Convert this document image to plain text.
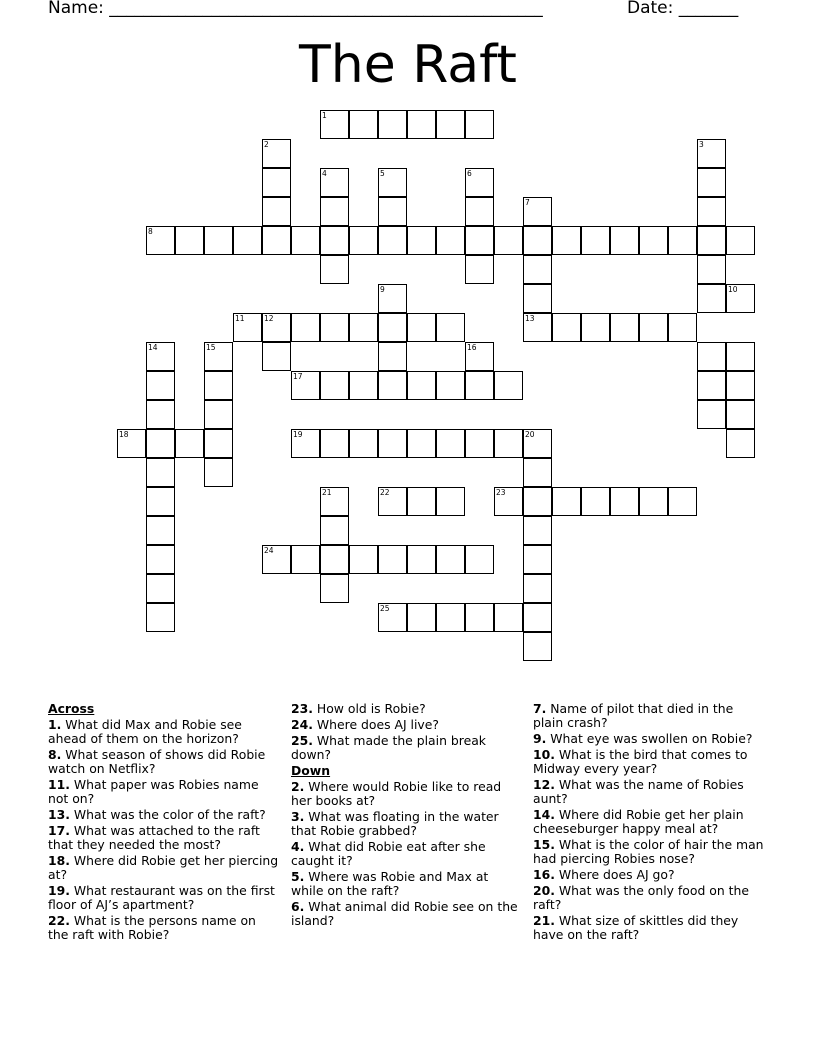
Name: ___________________________________________________	Date: _______
The Raft
1
2	3
4	5	6
7
8
9	10
11	12	13
14	15	16
17
18	19	20
21	22	23
24
25
Across
1. What did Max and Robie see ahead of them on the horizon?
8. What season of shows did Robie watch on Netflix?
11. What paper was Robies name not on?
13. What was the color of the raft?
17. What was attached to the raft that they needed the most?
18. Where did Robie get her piercing at?
19. What restaurant was on the first floor of AJ’s apartment?
22. What is the persons name on the raft with Robie?
23. How old is Robie?
24. Where does AJ live?
25. What made the plain break down?
Down
2. Where would Robie like to read her books at?
3. What was floating in the water that Robie grabbed?
4. What did Robie eat after she caught it?
5. Where was Robie and Max at while on the raft?
6. What animal did Robie see on the island?
7. Name of pilot that died in the plain crash?
9. What eye was swollen on Robie?
10. What is the bird that comes to Midway every year?
12. What was the name of Robies aunt?
14. Where did Robie get her plain cheeseburger happy meal at?
15. What is the color of hair the man had piercing Robies nose?
16. Where does AJ go?
20. What was the only food on the raft?
21. What size of skittles did they have on the raft?
